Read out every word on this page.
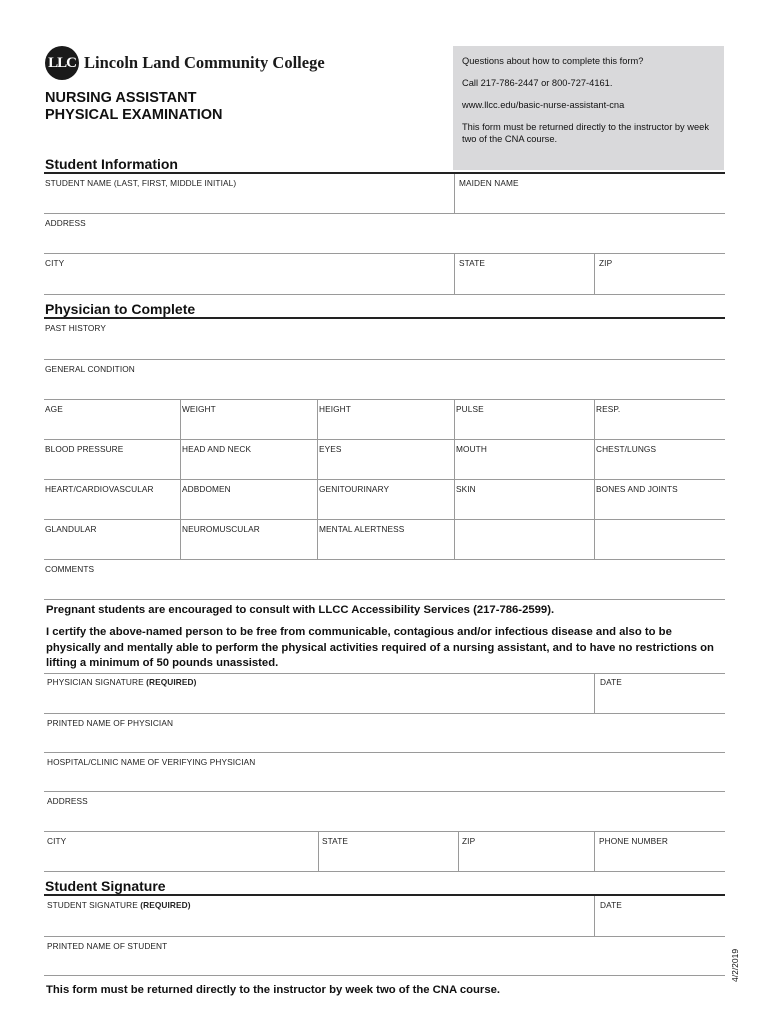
LLC Lincoln Land Community College
NURSING ASSISTANT
PHYSICAL EXAMINATION

Questions about how to complete this form?

Call 217-786-2447 or 800-727-4161.

www.llcc.edu/basic-nurse-assistant-cna

This form must be returned directly to the instructor by week two of the CNA course.

Student Information
STUDENT NAME (LAST, FIRST, MIDDLE INITIAL)	MAIDEN NAME
ADDRESS
CITY	STATE	ZIP
Physician to Complete
PAST HISTORY
GENERAL CONDITION
AGE	WEIGHT	HEIGHT	PULSE	RESP.
BLOOD PRESSURE	HEAD AND NECK	EYES	MOUTH	CHEST/LUNGS
HEART/CARDIOVASCULAR	ADBDOMEN	GENITOURINARY	SKIN	BONES AND JOINTS
GLANDULAR	NEUROMUSCULAR	MENTAL ALERTNESS
COMMENTS
Pregnant students are encouraged to consult with LLCC Accessibility Services (217-786-2599).
I certify the above-named person to be free from communicable, contagious and/or infectious disease and also to be physically and mentally able to perform the physical activities required of a nursing assistant, and to have no restrictions on lifting a minimum of 50 pounds unassisted.
PHYSICIAN SIGNATURE (REQUIRED)	DATE
PRINTED NAME OF PHYSICIAN
HOSPITAL/CLINIC NAME OF VERIFYING PHYSICIAN
ADDRESS
CITY	STATE	ZIP	PHONE NUMBER
Student Signature
STUDENT SIGNATURE (REQUIRED)	DATE
PRINTED NAME OF STUDENT
4/2/2019
This form must be returned directly to the instructor by week two of the CNA course.
